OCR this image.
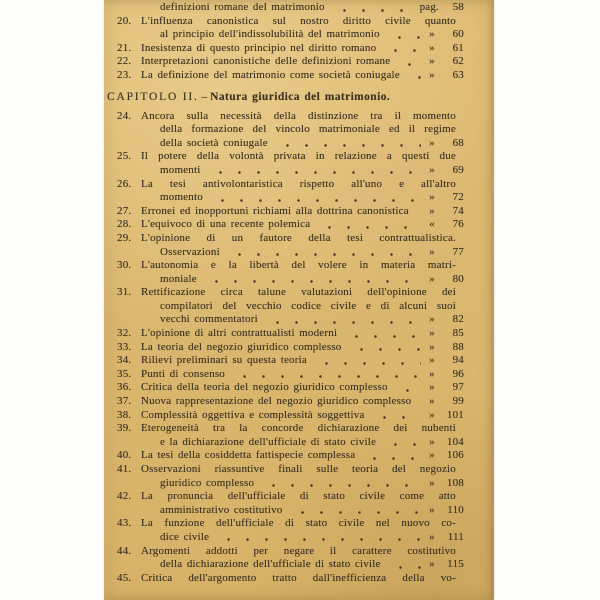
definizioni romane del matrimonio	pag.	58
20. L'influenza canonistica sul nostro diritto civile quanto
al principio dell'indissolubilità del matrimonio	»	60
21. Inesistenza di questo principio nel diritto romano	»	61
22. Interpretazioni canonistiche delle definizioni romane	»	62
23. La definizione del matrimonio come società coniugale	»	63
CAPITOLO II. – Natura giuridica del matrimonio.
24. Ancora sulla necessità della distinzione tra il momento
della formazione del vincolo matrimoniale ed il regime
della società coniugale	»	68
25. Il potere della volontà privata in relazione a questi due
momenti	»	69
26. La tesi antivolontaristica rispetto all'uno e all'altro
momento	»	72
27. Erronei ed inopportuni richiami alla dottrina canonistica	»	74
28. L'equivoco di una recente polemica	«	76
29. L'opinione di un fautore della tesi contrattualistica.
Osservazioni	»	77
30. L'autonomia e la libertà del volere in materia matri-
moniale	»	80
31. Rettificazione circa talune valutazioni dell'opinione dei
compilatori del vecchio codice civile e di alcuni suoi
vecchi commentatori	»	82
32. L'opinione di altri contrattualisti moderni	»	85
33. La teoria del negozio giuridico complesso	»	88
34. Rilievi preliminari su questa teoria	»	94
35. Punti di consenso	»	96
36. Critica della teoria del negozio giuridico complesso	»	97
37. Nuova rappresentazione del negozio giuridico complesso	»	99
38. Complessità oggettiva e complessità soggettiva	»	101
39. Eterogeneità tra la concorde dichiarazione dei nubenti
e la dichiarazione dell'ufficiale di stato civile	»	104
40. La tesi della cosiddetta fattispecie complessa	»	106
41. Osservazioni riassuntive finali sulle teoria del negozio
giuridico complesso	»	108
42. La pronuncia dell'ufficiale di stato civile come atto
amministrativo costitutivo	»	110
43. La funzione dell'ufficiale di stato civile nel nuovo co-
dice civile	»	111
44. Argomenti addotti per negare il carattere costitutivo
della dichiarazione dell'ufficiale di stato civile	»	115
45. Critica dell'argomento tratto dall'inefficienza della vo-
